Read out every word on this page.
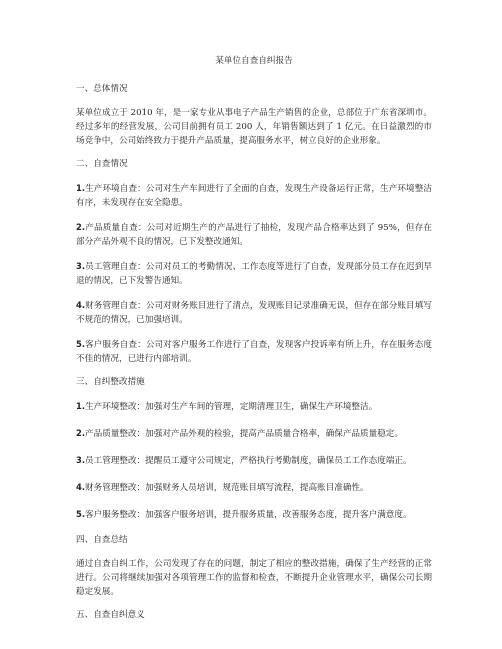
某单位自查自纠报告
一、总体情况
某单位成立于 2010 年，是一家专业从事电子产品生产销售的企业，总部位于广东省深圳市。经过多年的经营发展，公司目前拥有员工 200 人，年销售额达到了 1 亿元。在日益激烈的市场竞争中，公司始终致力于提升产品质量，提高服务水平，树立良好的企业形象。
二、自查情况
1.生产环境自查：公司对生产车间进行了全面的自查，发现生产设备运行正常，生产环境整洁有序，未发现存在安全隐患。
2.产品质量自查：公司对近期生产的产品进行了抽检，发现产品合格率达到了 95%，但存在部分产品外观不良的情况，已下发整改通知。
3.员工管理自查：公司对员工的考勤情况、工作态度等进行了自查，发现部分员工存在迟到早退的情况，已下发警告通知。
4.财务管理自查：公司对财务账目进行了清点，发现账目记录准确无误，但存在部分账目填写不规范的情况，已加强培训。
5.客户服务自查：公司对客户服务工作进行了自查，发现客户投诉率有所上升，存在服务态度不佳的情况，已进行内部培训。
三、自纠整改措施
1.生产环境整改：加强对生产车间的管理，定期清理卫生，确保生产环境整洁。
2.产品质量整改：加强对产品外观的检验，提高产品质量合格率，确保产品质量稳定。
3.员工管理整改：提醒员工遵守公司规定，严格执行考勤制度，确保员工工作态度端正。
4.财务管理整改：加强财务人员培训，规范账目填写流程，提高账目准确性。
5.客户服务整改：加强客户服务培训，提升服务质量，改善服务态度，提升客户满意度。
四、自查总结
通过自查自纠工作，公司发现了存在的问题，制定了相应的整改措施，确保了生产经营的正常进行。公司将继续加强对各项管理工作的监督和检查，不断提升企业管理水平，确保公司长期稳定发展。
五、自查自纠意义
